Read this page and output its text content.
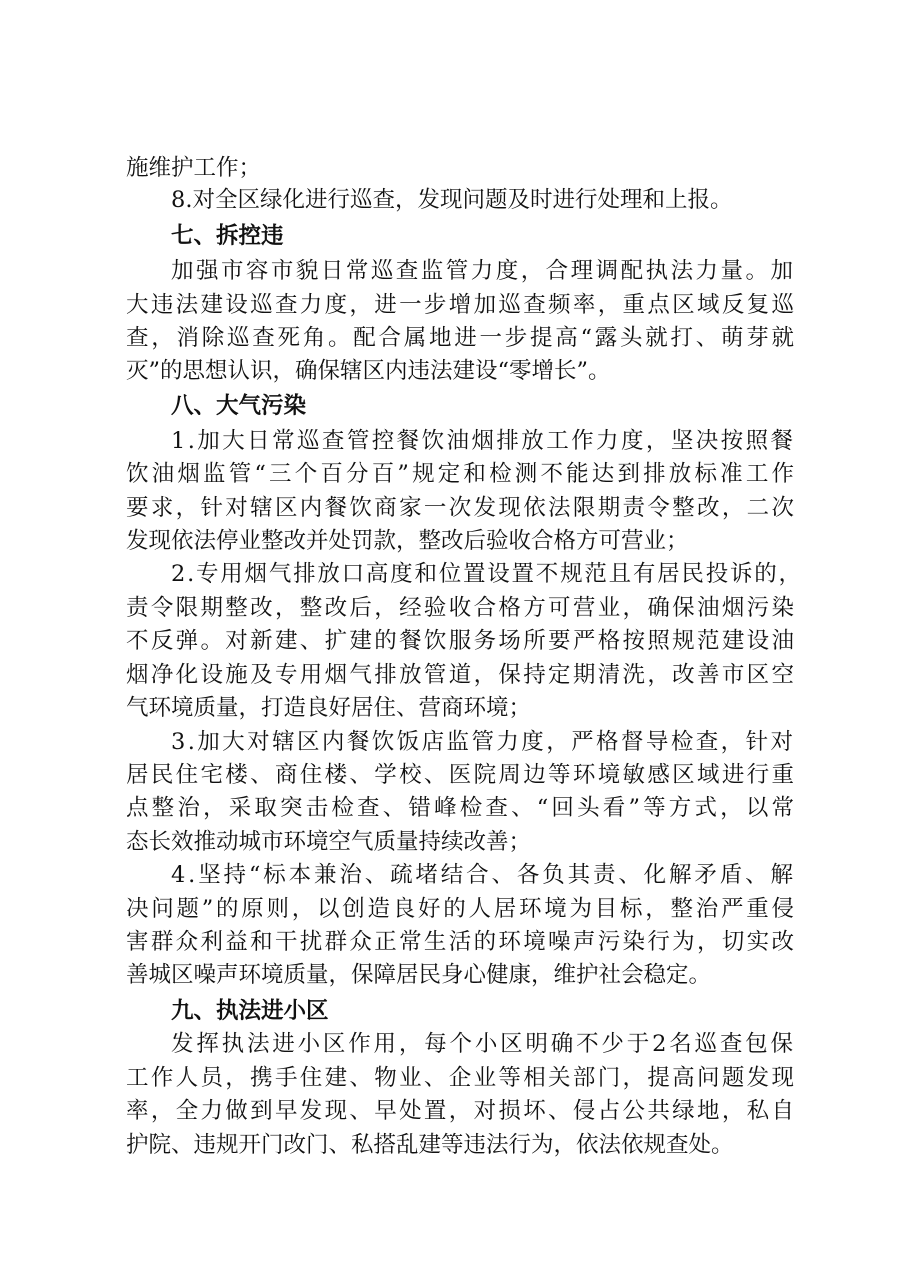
施维护工作；
8.对全区绿化进行巡查，发现问题及时进行处理和上报。
七、拆控违
加强市容市貌日常巡查监管力度，合理调配执法力量。加
大违法建设巡查力度，进一步增加巡查频率，重点区域反复巡
查，消除巡查死角。配合属地进一步提高“露头就打、萌芽就
灭”的思想认识，确保辖区内违法建设“零增长”。
八、大气污染
1.加大日常巡查管控餐饮油烟排放工作力度，坚决按照餐
饮油烟监管“三个百分百”规定和检测不能达到排放标准工作
要求，针对辖区内餐饮商家一次发现依法限期责令整改，二次
发现依法停业整改并处罚款，整改后验收合格方可营业；
2.专用烟气排放口高度和位置设置不规范且有居民投诉的，
责令限期整改，整改后，经验收合格方可营业，确保油烟污染
不反弹。对新建、扩建的餐饮服务场所要严格按照规范建设油
烟净化设施及专用烟气排放管道，保持定期清洗，改善市区空
气环境质量，打造良好居住、营商环境；
3.加大对辖区内餐饮饭店监管力度，严格督导检查，针对
居民住宅楼、商住楼、学校、医院周边等环境敏感区域进行重
点整治，采取突击检查、错峰检查、“回头看”等方式，以常
态长效推动城市环境空气质量持续改善；
4.坚持“标本兼治、疏堵结合、各负其责、化解矛盾、解
决问题”的原则，以创造良好的人居环境为目标，整治严重侵
害群众利益和干扰群众正常生活的环境噪声污染行为，切实改
善城区噪声环境质量，保障居民身心健康，维护社会稳定。
九、执法进小区
发挥执法进小区作用，每个小区明确不少于2名巡查包保
工作人员，携手住建、物业、企业等相关部门，提高问题发现
率，全力做到早发现、早处置，对损坏、侵占公共绿地，私自
护院、违规开门改门、私搭乱建等违法行为，依法依规查处。
